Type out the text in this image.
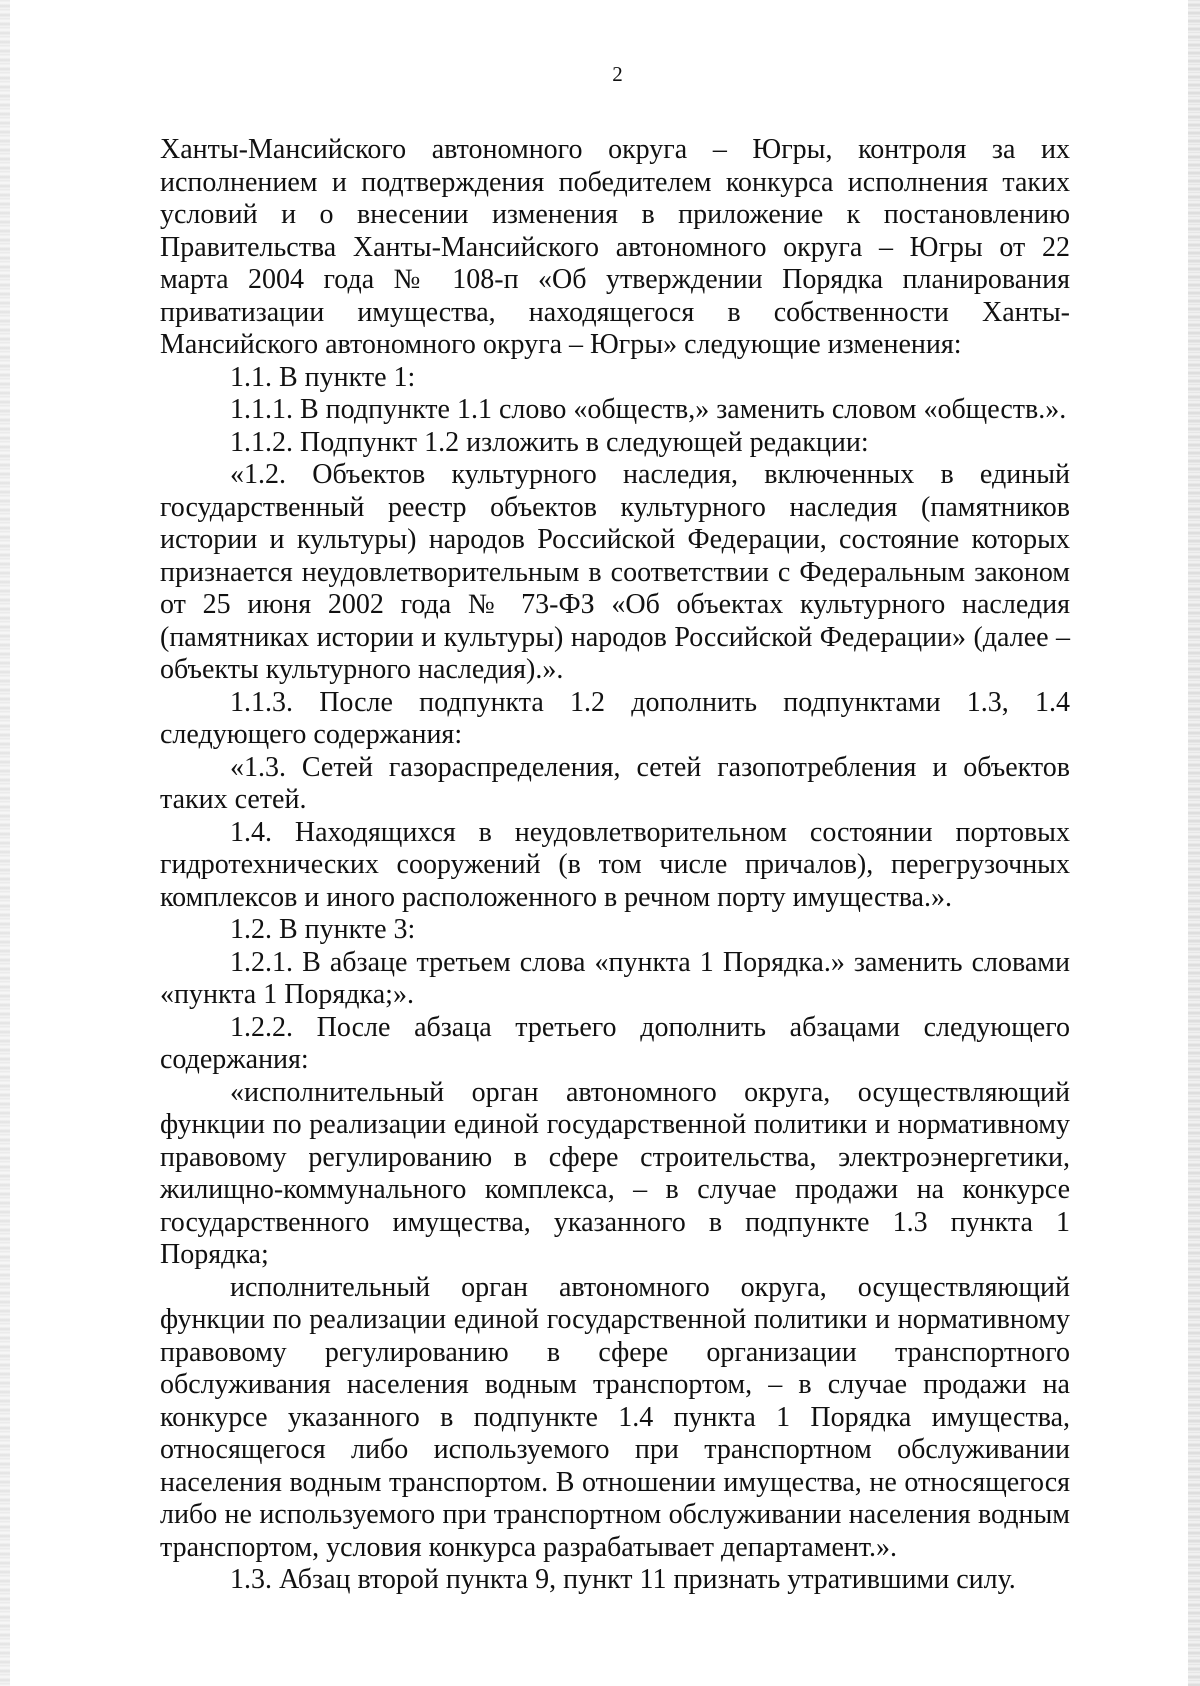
2

Ханты-Мансийского автономного округа – Югры, контроля за их исполнением и подтверждения победителем конкурса исполнения таких условий и о внесении изменения в приложение к постановлению Правительства Ханты-Мансийского автономного округа – Югры от 22 марта 2004 года № 108-п «Об утверждении Порядка планирования приватизации имущества, находящегося в собственности Ханты-Мансийского автономного округа – Югры» следующие изменения:

1.1. В пункте 1:

1.1.1. В подпункте 1.1 слово «обществ,» заменить словом «обществ.».

1.1.2. Подпункт 1.2 изложить в следующей редакции:

«1.2. Объектов культурного наследия, включенных в единый государственный реестр объектов культурного наследия (памятников истории и культуры) народов Российской Федерации, состояние которых признается неудовлетворительным в соответствии с Федеральным законом от 25 июня 2002 года № 73-ФЗ «Об объектах культурного наследия (памятниках истории и культуры) народов Российской Федерации» (далее – объекты культурного наследия).».

1.1.3. После подпункта 1.2 дополнить подпунктами 1.3, 1.4 следующего содержания:

«1.3. Сетей газораспределения, сетей газопотребления и объектов таких сетей.

1.4. Находящихся в неудовлетворительном состоянии портовых гидротехнических сооружений (в том числе причалов), перегрузочных комплексов и иного расположенного в речном порту имущества.».

1.2. В пункте 3:

1.2.1. В абзаце третьем слова «пункта 1 Порядка.» заменить словами «пункта 1 Порядка;».

1.2.2. После абзаца третьего дополнить абзацами следующего содержания:

«исполнительный орган автономного округа, осуществляющий функции по реализации единой государственной политики и нормативному правовому регулированию в сфере строительства, электроэнергетики, жилищно-коммунального комплекса, – в случае продажи на конкурсе государственного имущества, указанного в подпункте 1.3 пункта 1 Порядка;

исполнительный орган автономного округа, осуществляющий функции по реализации единой государственной политики и нормативному правовому регулированию в сфере организации транспортного обслуживания населения водным транспортом, – в случае продажи на конкурсе указанного в подпункте 1.4 пункта 1 Порядка имущества, относящегося либо используемого при транспортном обслуживании населения водным транспортом. В отношении имущества, не относящегося либо не используемого при транспортном обслуживании населения водным транспортом, условия конкурса разрабатывает департамент.».

1.3. Абзац второй пункта 9, пункт 11 признать утратившими силу.
